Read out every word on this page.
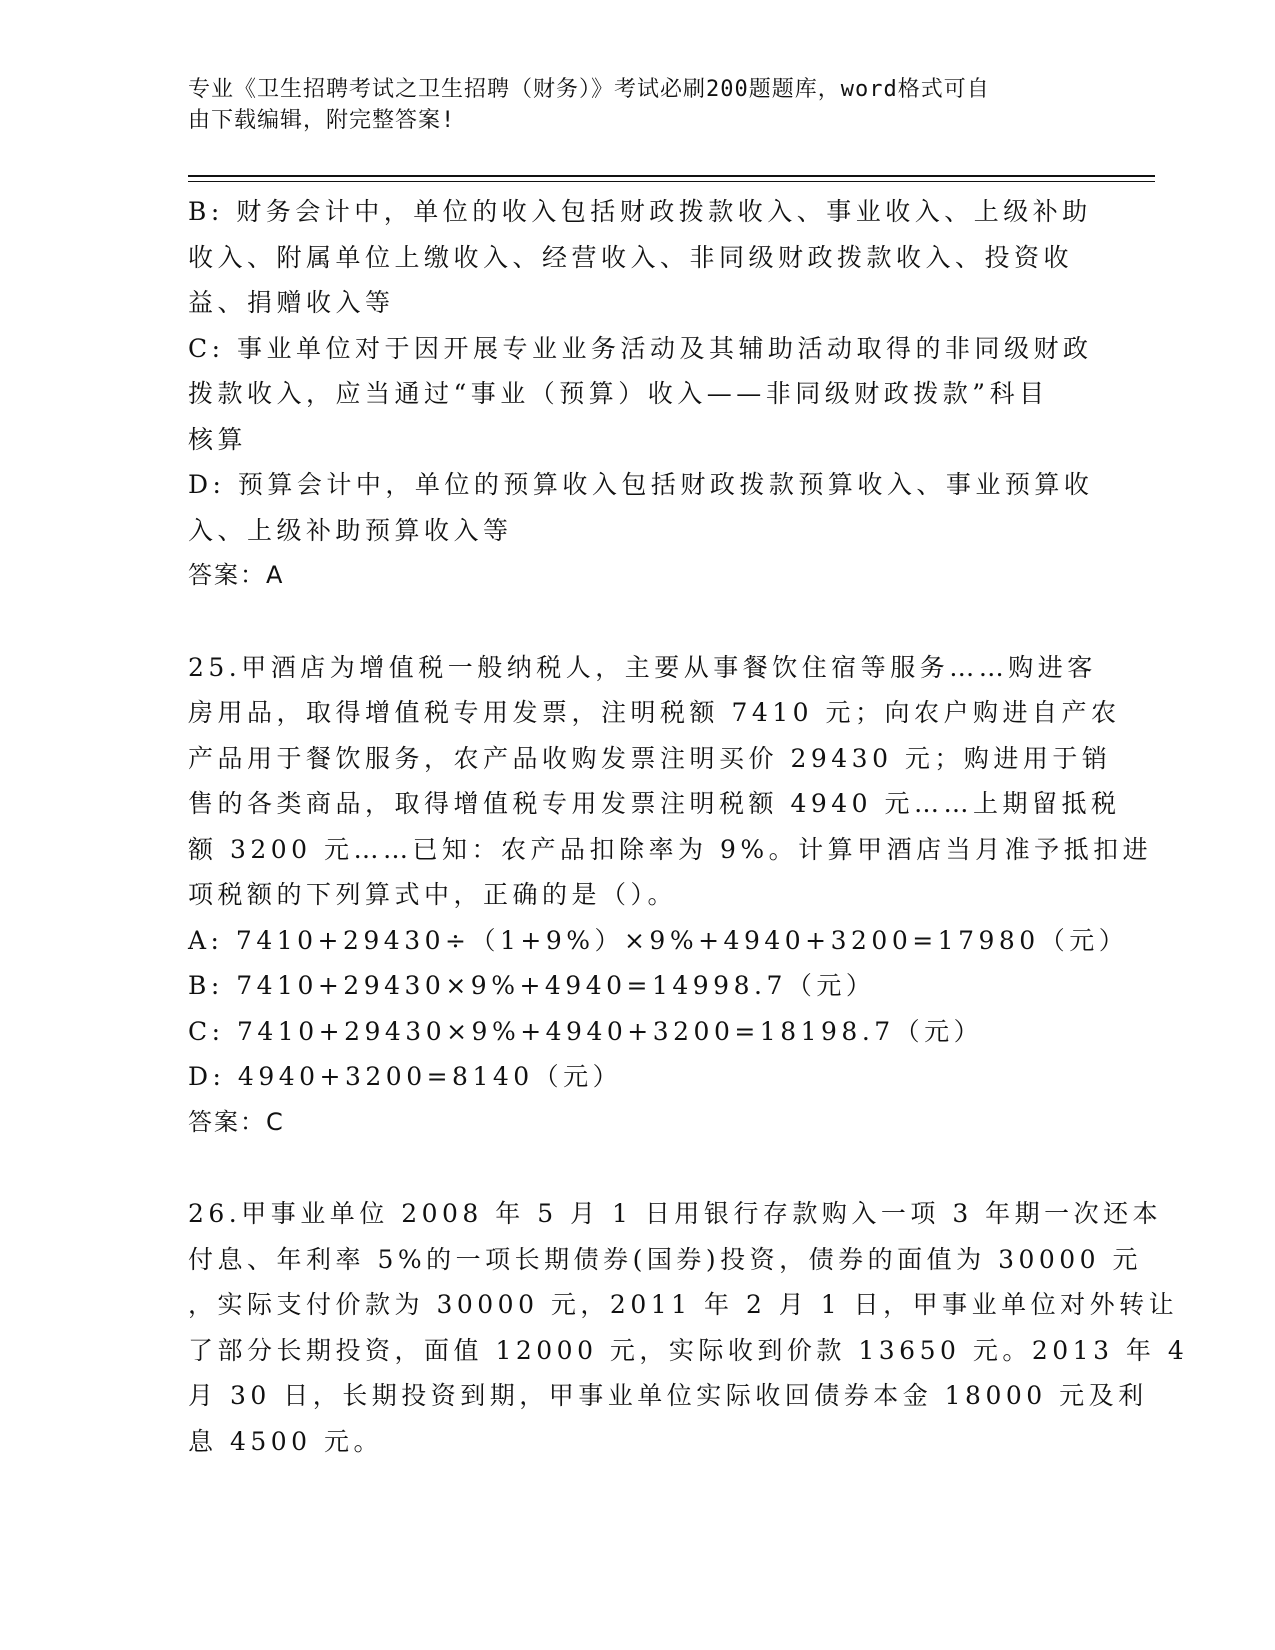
专业《卫生招聘考试之卫生招聘（财务）》考试必刷200题题库，word格式可自
由下载编辑，附完整答案!
B: 财务会计中，单位的收入包括财政拨款收入、事业收入、上级补助
收入、附属单位上缴收入、经营收入、非同级财政拨款收入、投资收
益、捐赠收入等
C: 事业单位对于因开展专业业务活动及其辅助活动取得的非同级财政
拨款收入，应当通过“事业（预算）收入——非同级财政拨款”科目
核算
D: 预算会计中，单位的预算收入包括财政拨款预算收入、事业预算收
入、上级补助预算收入等
答案：A
25.甲酒店为增值税一般纳税人，主要从事餐饮住宿等服务……购进客
房用品，取得增值税专用发票，注明税额 7410 元；向农户购进自产农
产品用于餐饮服务，农产品收购发票注明买价 29430 元；购进用于销
售的各类商品，取得增值税专用发票注明税额 4940 元……上期留抵税
额 3200 元……已知：农产品扣除率为 9%。计算甲酒店当月准予抵扣进
项税额的下列算式中，正确的是（）。
A: 7410+29430÷（1+9%）×9%+4940+3200=17980（元）
B: 7410+29430×9%+4940=14998.7（元）
C: 7410+29430×9%+4940+3200=18198.7（元）
D: 4940+3200=8140（元）
答案：C
26.甲事业单位 2008 年 5 月 1 日用银行存款购入一项 3 年期一次还本
付息、年利率 5%的一项长期债券(国券)投资，债券的面值为 30000 元
，实际支付价款为 30000 元，2011 年 2 月 1 日，甲事业单位对外转让
了部分长期投资，面值 12000 元，实际收到价款 13650 元。2013 年 4
月 30 日，长期投资到期，甲事业单位实际收回债券本金 18000 元及利
息 4500 元。
